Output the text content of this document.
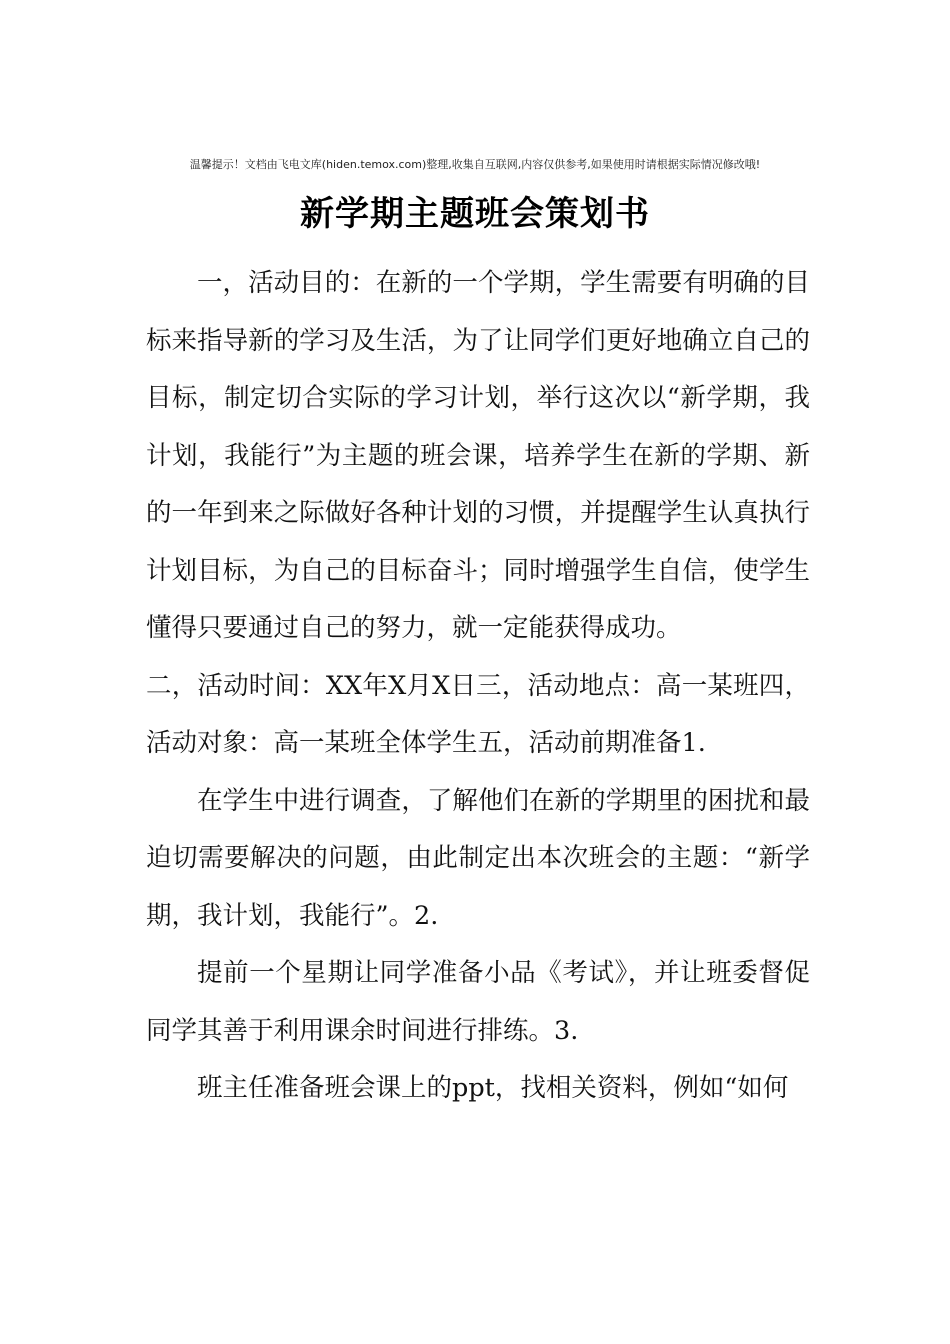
温馨提示！文档由飞电文库(hiden.temox.com)整理,收集自互联网,内容仅供参考,如果使用时请根据实际情况修改哦!
新学期主题班会策划书

一，活动目的：在新的一个学期，学生需要有明确的目标来指导新的学习及生活，为了让同学们更好地确立自己的目标，制定切合实际的学习计划，举行这次以“新学期，我计划，我能行”为主题的班会课，培养学生在新的学期、新的一年到来之际做好各种计划的习惯，并提醒学生认真执行计划目标，为自己的目标奋斗；同时增强学生自信，使学生懂得只要通过自己的努力，就一定能获得成功。

二，活动时间：XX年X月X日三，活动地点：高一某班四，活动对象：高一某班全体学生五，活动前期准备1.

在学生中进行调查，了解他们在新的学期里的困扰和最迫切需要解决的问题，由此制定出本次班会的主题：“新学期，我计划，我能行”。2.

提前一个星期让同学准备小品《考试》，并让班委督促同学其善于利用课余时间进行排练。3.

班主任准备班会课上的ppt，找相关资料，例如“如何
